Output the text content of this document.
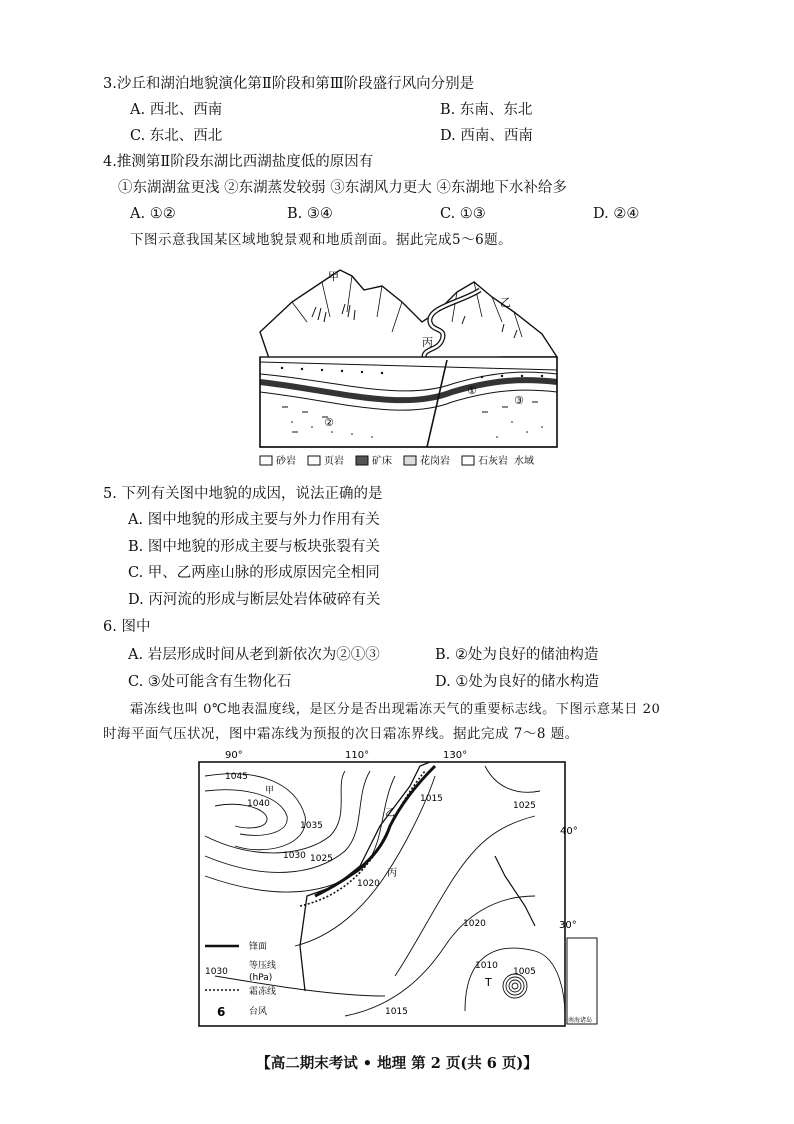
3.沙丘和湖泊地貌演化第Ⅱ阶段和第Ⅲ阶段盛行风向分别是
A. 西北、西南	B. 东南、东北
C. 东北、西北	D. 西南、西南
4.推测第Ⅱ阶段东湖比西湖盐度低的原因有
①东湖湖盆更浅 ②东湖蒸发较弱 ③东湖风力更大 ④东湖地下水补给多
A. ①②	B. ③④	C. ①③	D. ②④
下图示意我国某区域地貌景观和地质剖面。据此完成5～6题。
甲
乙
丙
①
②
③
砂岩	页岩	矿床	花岗岩	石灰岩 水域
5. 下列有关图中地貌的成因，说法正确的是
A. 图中地貌的形成主要与外力作用有关
B. 图中地貌的形成主要与板块张裂有关
C. 甲、乙两座山脉的形成原因完全相同
D. 丙河流的形成与断层处岩体破碎有关
6. 图中
A. 岩层形成时间从老到新依次为②①③	B. ②处为良好的储油构造
C. ③处可能含有生物化石	D. ①处为良好的储水构造
霜冻线也叫 0℃地表温度线，是区分是否出现霜冻天气的重要标志线。下图示意某日 20
时海平面气压状况，图中霜冻线为预报的次日霜冻界线。据此完成 7～8 题。
90°	110°	130°
40°
30°
1045
甲
1040
1035
1030 1025
乙
丙
1020
1015
1025
1020
1010
1005
T
1015
锋面
1030
等压线
(hPa)
霜冻线
6	台风
南海诸岛
【高二期末考试 • 地理 第 2 页(共 6 页)】
